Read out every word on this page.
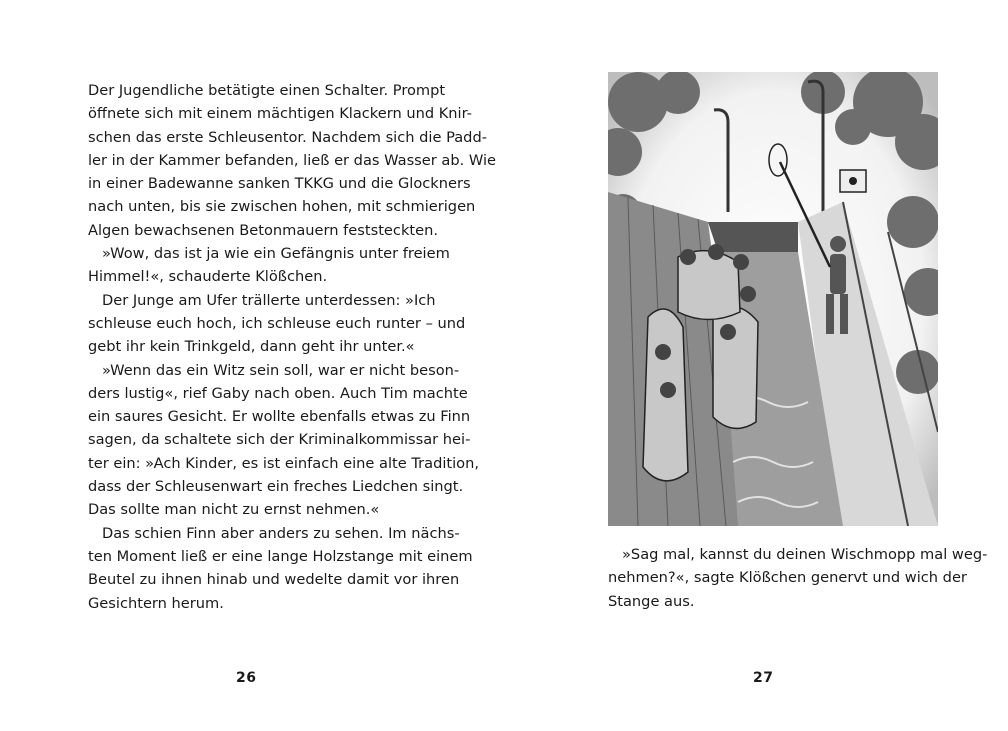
Der Jugendliche betätigte einen Schalter. Prompt
öffnete sich mit einem mächtigen Klackern und Knir-
schen das erste Schleusentor. Nachdem sich die Padd-
ler in der Kammer befanden, ließ er das Wasser ab. Wie
in einer Badewanne sanken TKKG und die Glockners
nach unten, bis sie zwischen hohen, mit schmierigen
Algen bewachsenen Betonmauern feststeckten.
»Wow, das ist ja wie ein Gefängnis unter freiem
Himmel!«, schauderte Klößchen.
Der Junge am Ufer trällerte unterdessen: »Ich
schleuse euch hoch, ich schleuse euch runter – und
gebt ihr kein Trinkgeld, dann geht ihr unter.«
»Wenn das ein Witz sein soll, war er nicht beson-
ders lustig«, rief Gaby nach oben. Auch Tim machte
ein saures Gesicht. Er wollte ebenfalls etwas zu Finn
sagen, da schaltete sich der Kriminalkommissar hei-
ter ein: »Ach Kinder, es ist einfach eine alte Tradition,
dass der Schleusenwart ein freches Liedchen singt.
Das sollte man nicht zu ernst nehmen.«
Das schien Finn aber anders zu sehen. Im nächs-
ten Moment ließ er eine lange Holzstange mit einem
Beutel zu ihnen hinab und wedelte damit vor ihren
Gesichtern herum.
26
»Sag mal, kannst du deinen Wischmopp mal weg-
nehmen?«, sagte Klößchen genervt und wich der
Stange aus.
27
